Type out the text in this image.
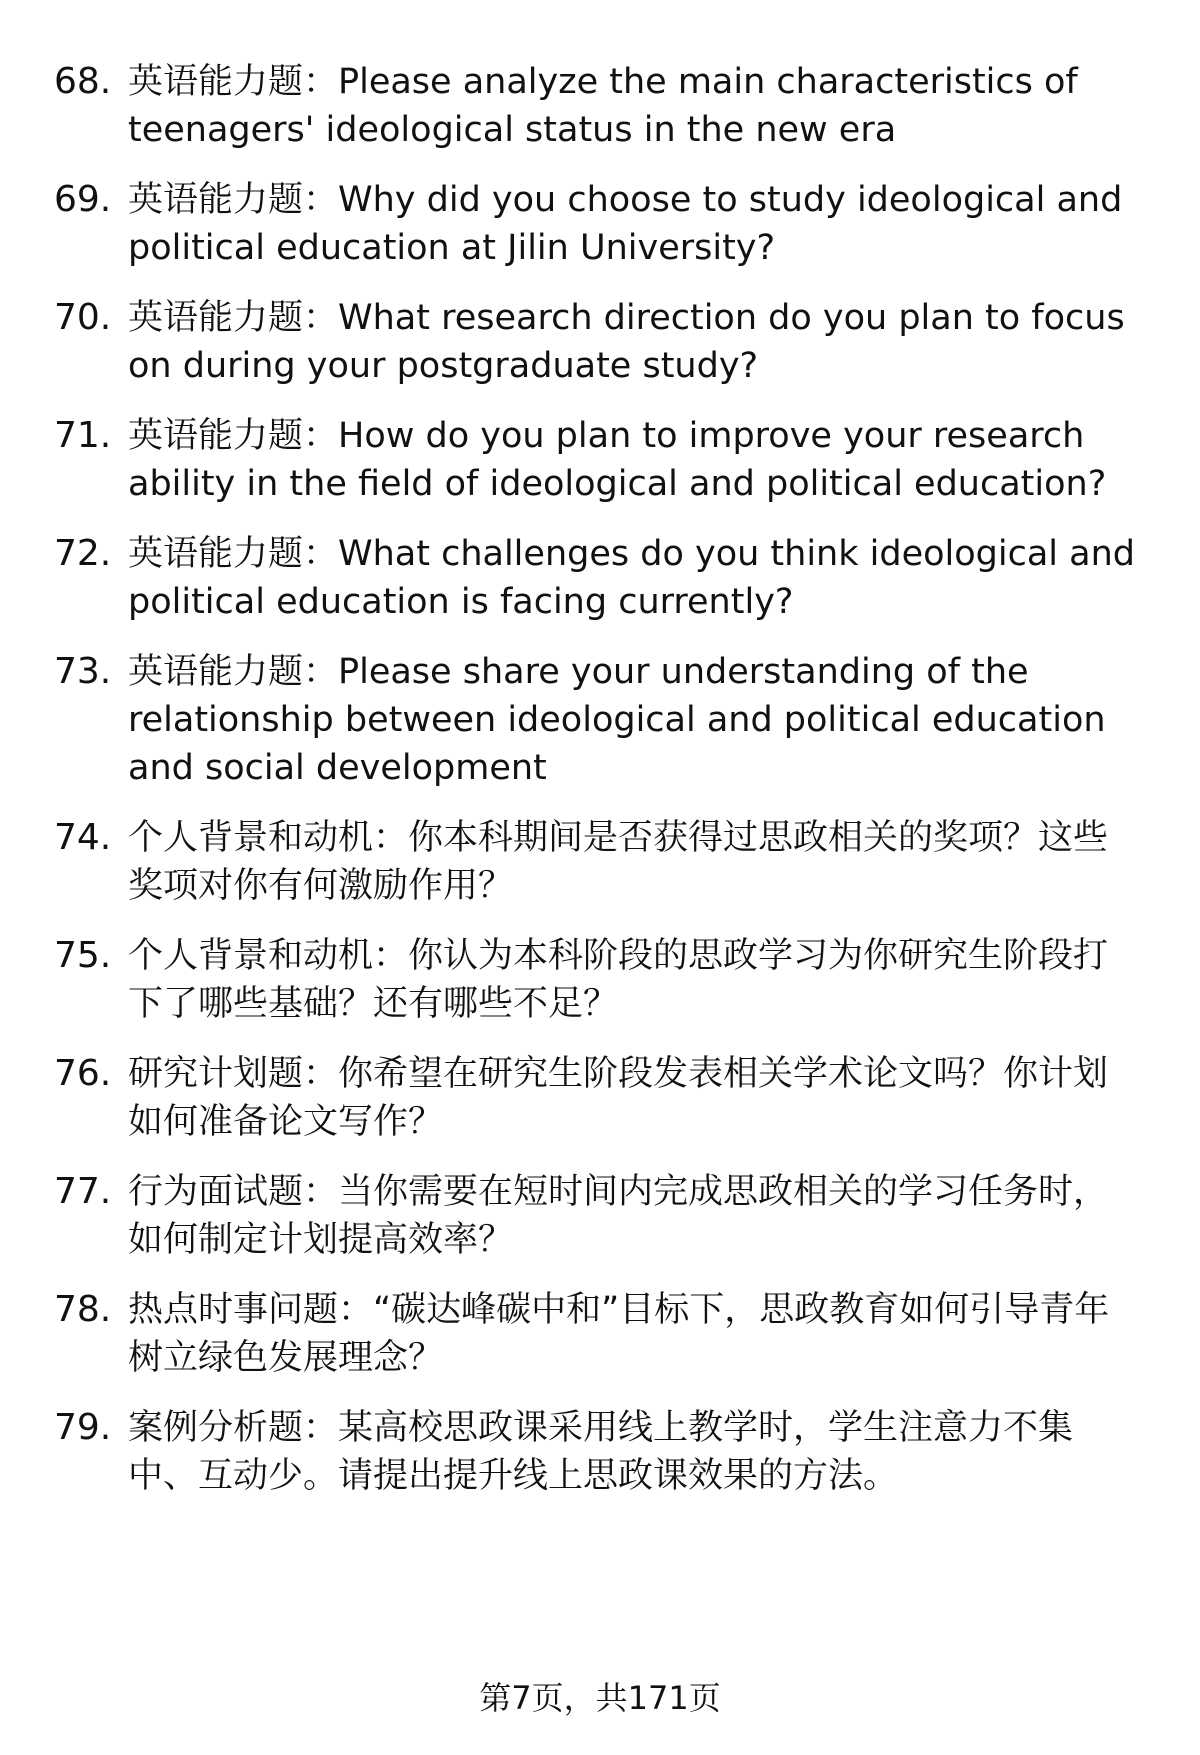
68. 英语能力题：Please analyze the main characteristics of teenagers' ideological status in the new era
69. 英语能力题：Why did you choose to study ideological and political education at Jilin University?
70. 英语能力题：What research direction do you plan to focus on during your postgraduate study?
71. 英语能力题：How do you plan to improve your research ability in the field of ideological and political education?
72. 英语能力题：What challenges do you think ideological and political education is facing currently?
73. 英语能力题：Please share your understanding of the relationship between ideological and political education and social development
74. 个人背景和动机：你本科期间是否获得过思政相关的奖项？这些奖项对你有何激励作用？
75. 个人背景和动机：你认为本科阶段的思政学习为你研究生阶段打下了哪些基础？还有哪些不足？
76. 研究计划题：你希望在研究生阶段发表相关学术论文吗？你计划如何准备论文写作？
77. 行为面试题：当你需要在短时间内完成思政相关的学习任务时，如何制定计划提高效率？
78. 热点时事问题：“碳达峰碳中和”目标下，思政教育如何引导青年树立绿色发展理念？
79. 案例分析题：某高校思政课采用线上教学时，学生注意力不集中、互动少。请提出提升线上思政课效果的方法。
第7页，共171页
